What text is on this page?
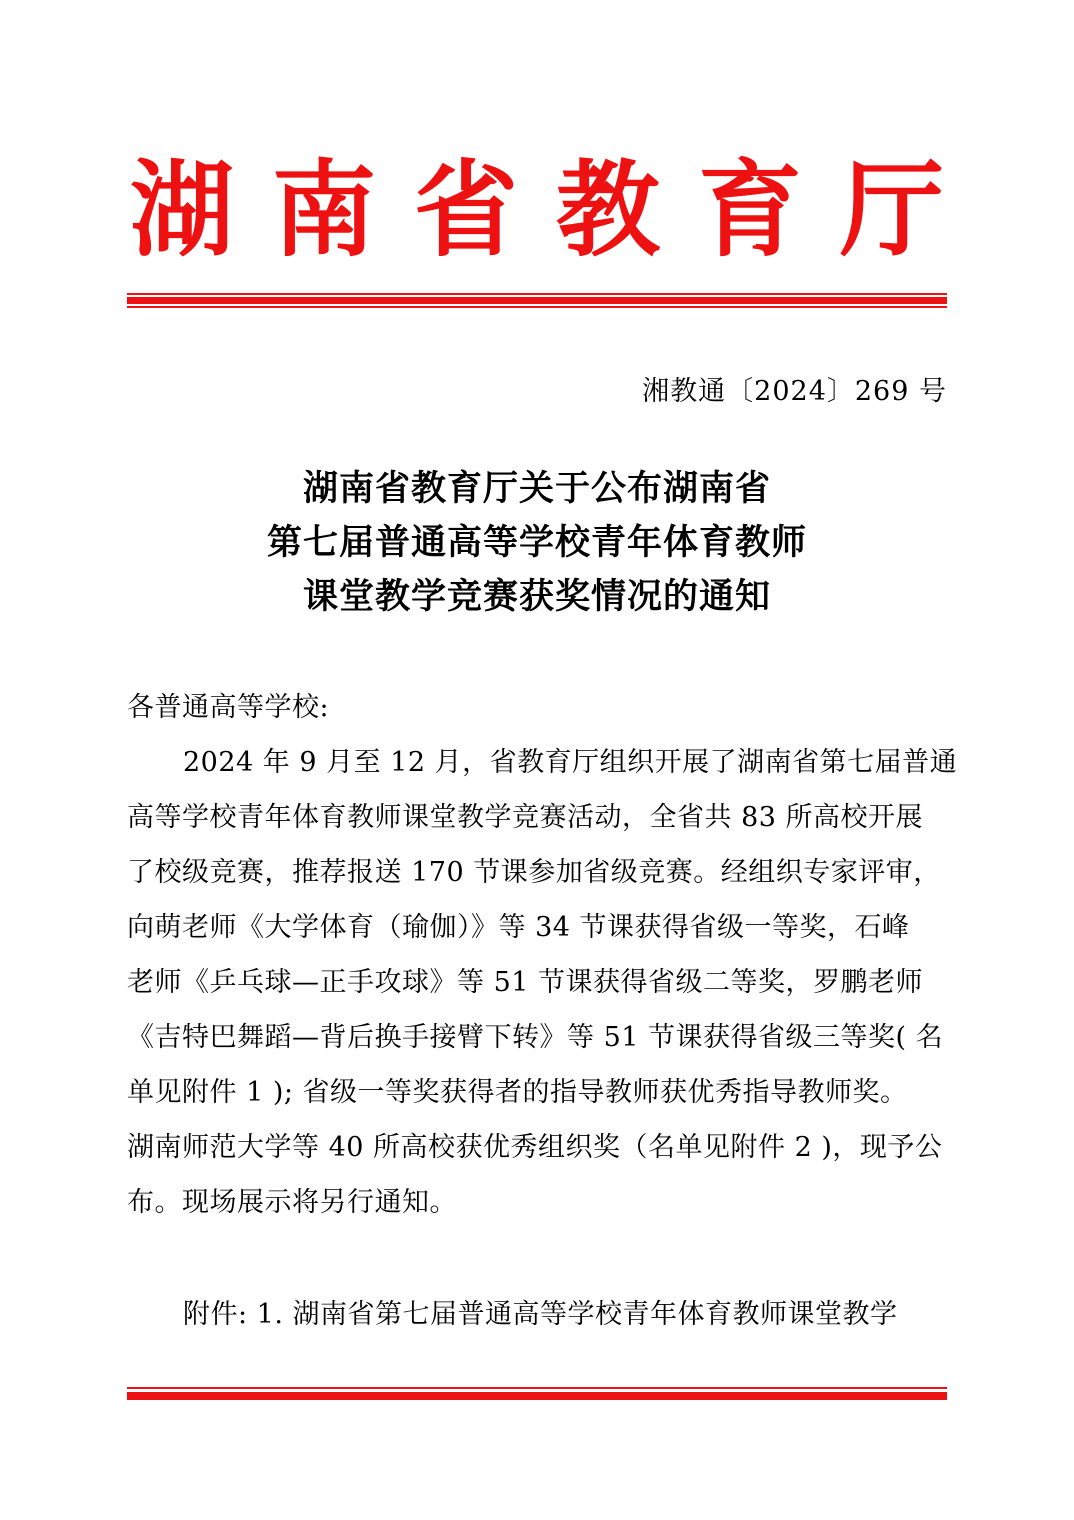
湖南省教育厅
湘教通〔2024〕269 号
湖南省教育厅关于公布湖南省
第七届普通高等学校青年体育教师
课堂教学竞赛获奖情况的通知
各普通高等学校:
2024 年 9 月至 12 月，省教育厅组织开展了湖南省第七届普通
高等学校青年体育教师课堂教学竞赛活动，全省共 83 所高校开展
了校级竞赛，推荐报送 170 节课参加省级竞赛。经组织专家评审，
向萌老师《大学体育（瑜伽）》等 34 节课获得省级一等奖，石峰
老师《乒乓球—正手攻球》等 51 节课获得省级二等奖，罗鹏老师
《吉特巴舞蹈—背后换手接臂下转》等 51 节课获得省级三等奖( 名
单见附件 1 ); 省级一等奖获得者的指导教师获优秀指导教师奖。
湖南师范大学等 40 所高校获优秀组织奖（名单见附件 2 )，现予公
布。现场展示将另行通知。
附件: 1. 湖南省第七届普通高等学校青年体育教师课堂教学
